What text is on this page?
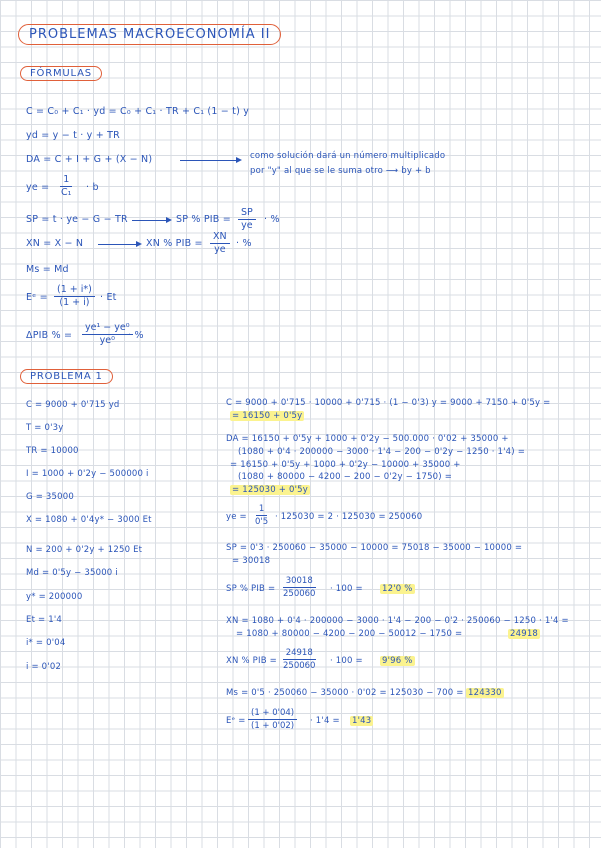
PROBLEMAS MACROECONOMÍA II
FÓRMULAS
C = C₀ + C₁ · yd = C₀ + C₁ · TR + C₁ (1 − t) y
yd = y − t · y + TR
DA = C + I + G + (X − N)	como solución dará un número multiplicado
por "y" al que se le suma otro ⟶ by + b
ye = $\frac{1}{\text{C₁}} \cdot b$
SP = t · ye − G − TR	SP % PIB = $\frac{SP}{ye}$ · %
XN = X − N	XN % PIB = $\frac{XN}{ye}$ · %
Ms = Md
Eᵉ = $\frac{(1 + i*)}{(1 + i)} \cdot Et$
ΔPIB % = $\frac{\text{ye¹ − ye⁰}}{\text{ye⁰}}$
· %
PROBLEMA 1
C = 9000 + 0'715 yd
T = 0'3y
TR = 10000
I = 1000 + 0'2y − 500000 i
G = 35000
X = 1080 + 0'4y* − 3000 Et
N = 200 + 0'2y + 1250 Et
Md = 0'5y − 35000 i
y* = 200000
Et = 1'4
i* = 0'04
i = 0'02
C = 9000 + 0'715 · 10000 + 0'715 · (1 − 0'3) y = 9000 + 7150 + 0'5y =
= 16150 + 0'5y
DA = 16150 + 0'5y + 1000 + 0'2y − 500.000 · 0'02 + 35000 +
(1080 + 0'4 · 200000 − 3000 · 1'4 − 200 − 0'2y − 1250 · 1'4) =
= 16150 + 0'5y + 1000 + 0'2y − 10000 + 35000 +
(1080 + 80000 − 4200 − 200 − 0'2y − 1750) =
= 125030 + 0'5y
ye = $\frac{1}{0'5} \cdot 125030 = 2 \cdot 125030 = 250060$
SP = 0'3 · 250060 − 35000 − 10000 = 75018 − 35000 − 10000 =
= 30018
SP % PIB = $\frac{30018}{250060} \cdot 100 = 12'0$ %
XN = 1080 + 0'4 · 200000 − 3000 · 1'4 − 200 − 0'2 · 250060 − 1250 · 1'4 =
= 1080 + 80000 − 4200 − 200 − 50012 − 1750 =	24918
XN % PIB = $\frac{24918}{250060} \cdot 100 = 9'96$ %
Ms = 0'5 · 250060 − 35000 · 0'02 = 125030 − 700 = 124330
Eᵉ = $\frac{(1 + 0'04)}{(1 + 0'02)} \cdot 1'4 = 1'43$
